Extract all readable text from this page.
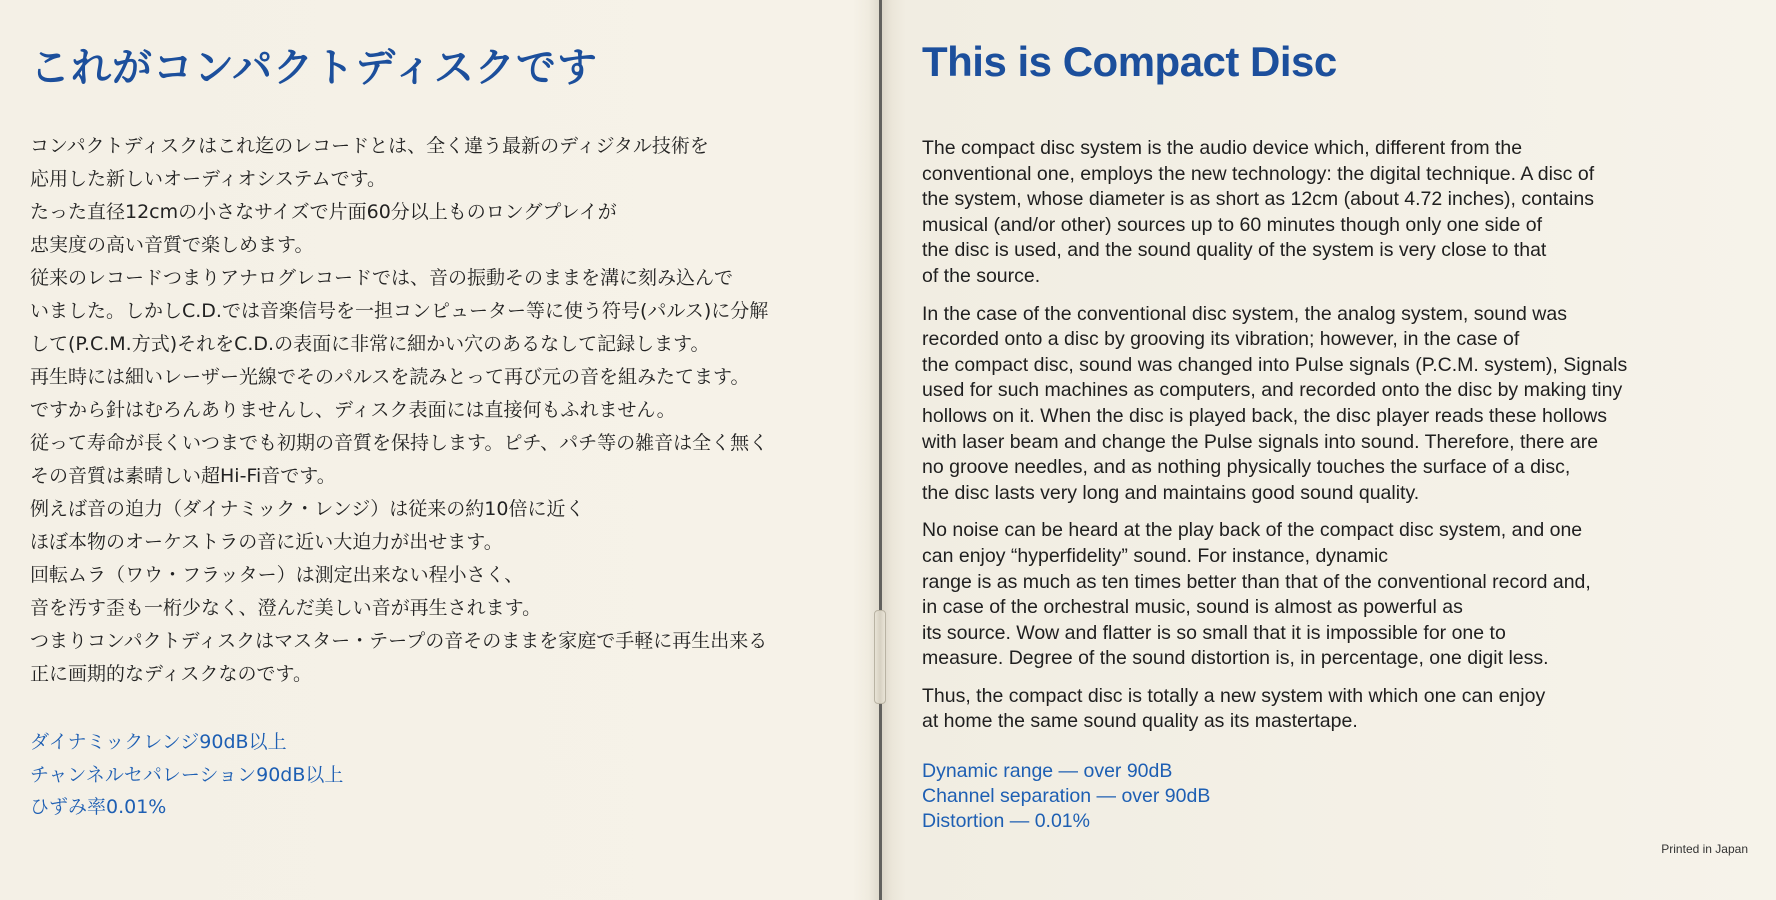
これがコンパクトディスクです
コンパクトディスクはこれ迄のレコードとは、全く違う最新のディジタル技術を
応用した新しいオーディオシステムです。
たった直径12cmの小さなサイズで片面60分以上ものロングプレイが
忠実度の高い音質で楽しめます。
従来のレコードつまりアナログレコードでは、音の振動そのままを溝に刻み込んで
いました。しかしC.D.では音楽信号を一担コンピューター等に使う符号(パルス)に分解
して(P.C.M.方式)それをC.D.の表面に非常に細かい穴のあるなして記録します。
再生時には細いレーザー光線でそのパルスを読みとって再び元の音を組みたてます。
ですから針はむろんありませんし、ディスク表面には直接何もふれません。
従って寿命が長くいつまでも初期の音質を保持します。ピチ、パチ等の雑音は全く無く
その音質は素晴しい超Hi-Fi音です。
例えば音の迫力（ダイナミック・レンジ）は従来の約10倍に近く
ほぼ本物のオーケストラの音に近い大迫力が出せます。
回転ムラ（ワウ・フラッター）は測定出来ない程小さく、
音を汚す歪も一桁少なく、澄んだ美しい音が再生されます。
つまりコンパクトディスクはマスター・テープの音そのままを家庭で手軽に再生出来る
正に画期的なディスクなのです。
ダイナミックレンジ90dB以上
チャンネルセパレーション90dB以上
ひずみ率0.01%
This is Compact Disc
The compact disc system is the audio device which, different from the
conventional one, employs the new technology: the digital technique. A disc of
the system, whose diameter is as short as 12cm (about 4.72 inches), contains
musical (and/or other) sources up to 60 minutes though only one side of
the disc is used, and the sound quality of the system is very close to that
of the source.
In the case of the conventional disc system, the analog system, sound was
recorded onto a disc by grooving its vibration; however, in the case of
the compact disc, sound was changed into Pulse signals (P.C.M. system), Signals
used for such machines as computers, and recorded onto the disc by making tiny
hollows on it. When the disc is played back, the disc player reads these hollows
with laser beam and change the Pulse signals into sound. Therefore, there are
no groove needles, and as nothing physically touches the surface of a disc,
the disc lasts very long and maintains good sound quality.
No noise can be heard at the play back of the compact disc system, and one
can enjoy “hyperfidelity” sound. For instance, dynamic
range is as much as ten times better than that of the conventional record and,
in case of the orchestral music, sound is almost as powerful as
its source. Wow and flatter is so small that it is impossible for one to
measure. Degree of the sound distortion is, in percentage, one digit less.
Thus, the compact disc is totally a new system with which one can enjoy
at home the same sound quality as its mastertape.
Dynamic range — over 90dB
Channel separation — over 90dB
Distortion — 0.01%
Printed in Japan
